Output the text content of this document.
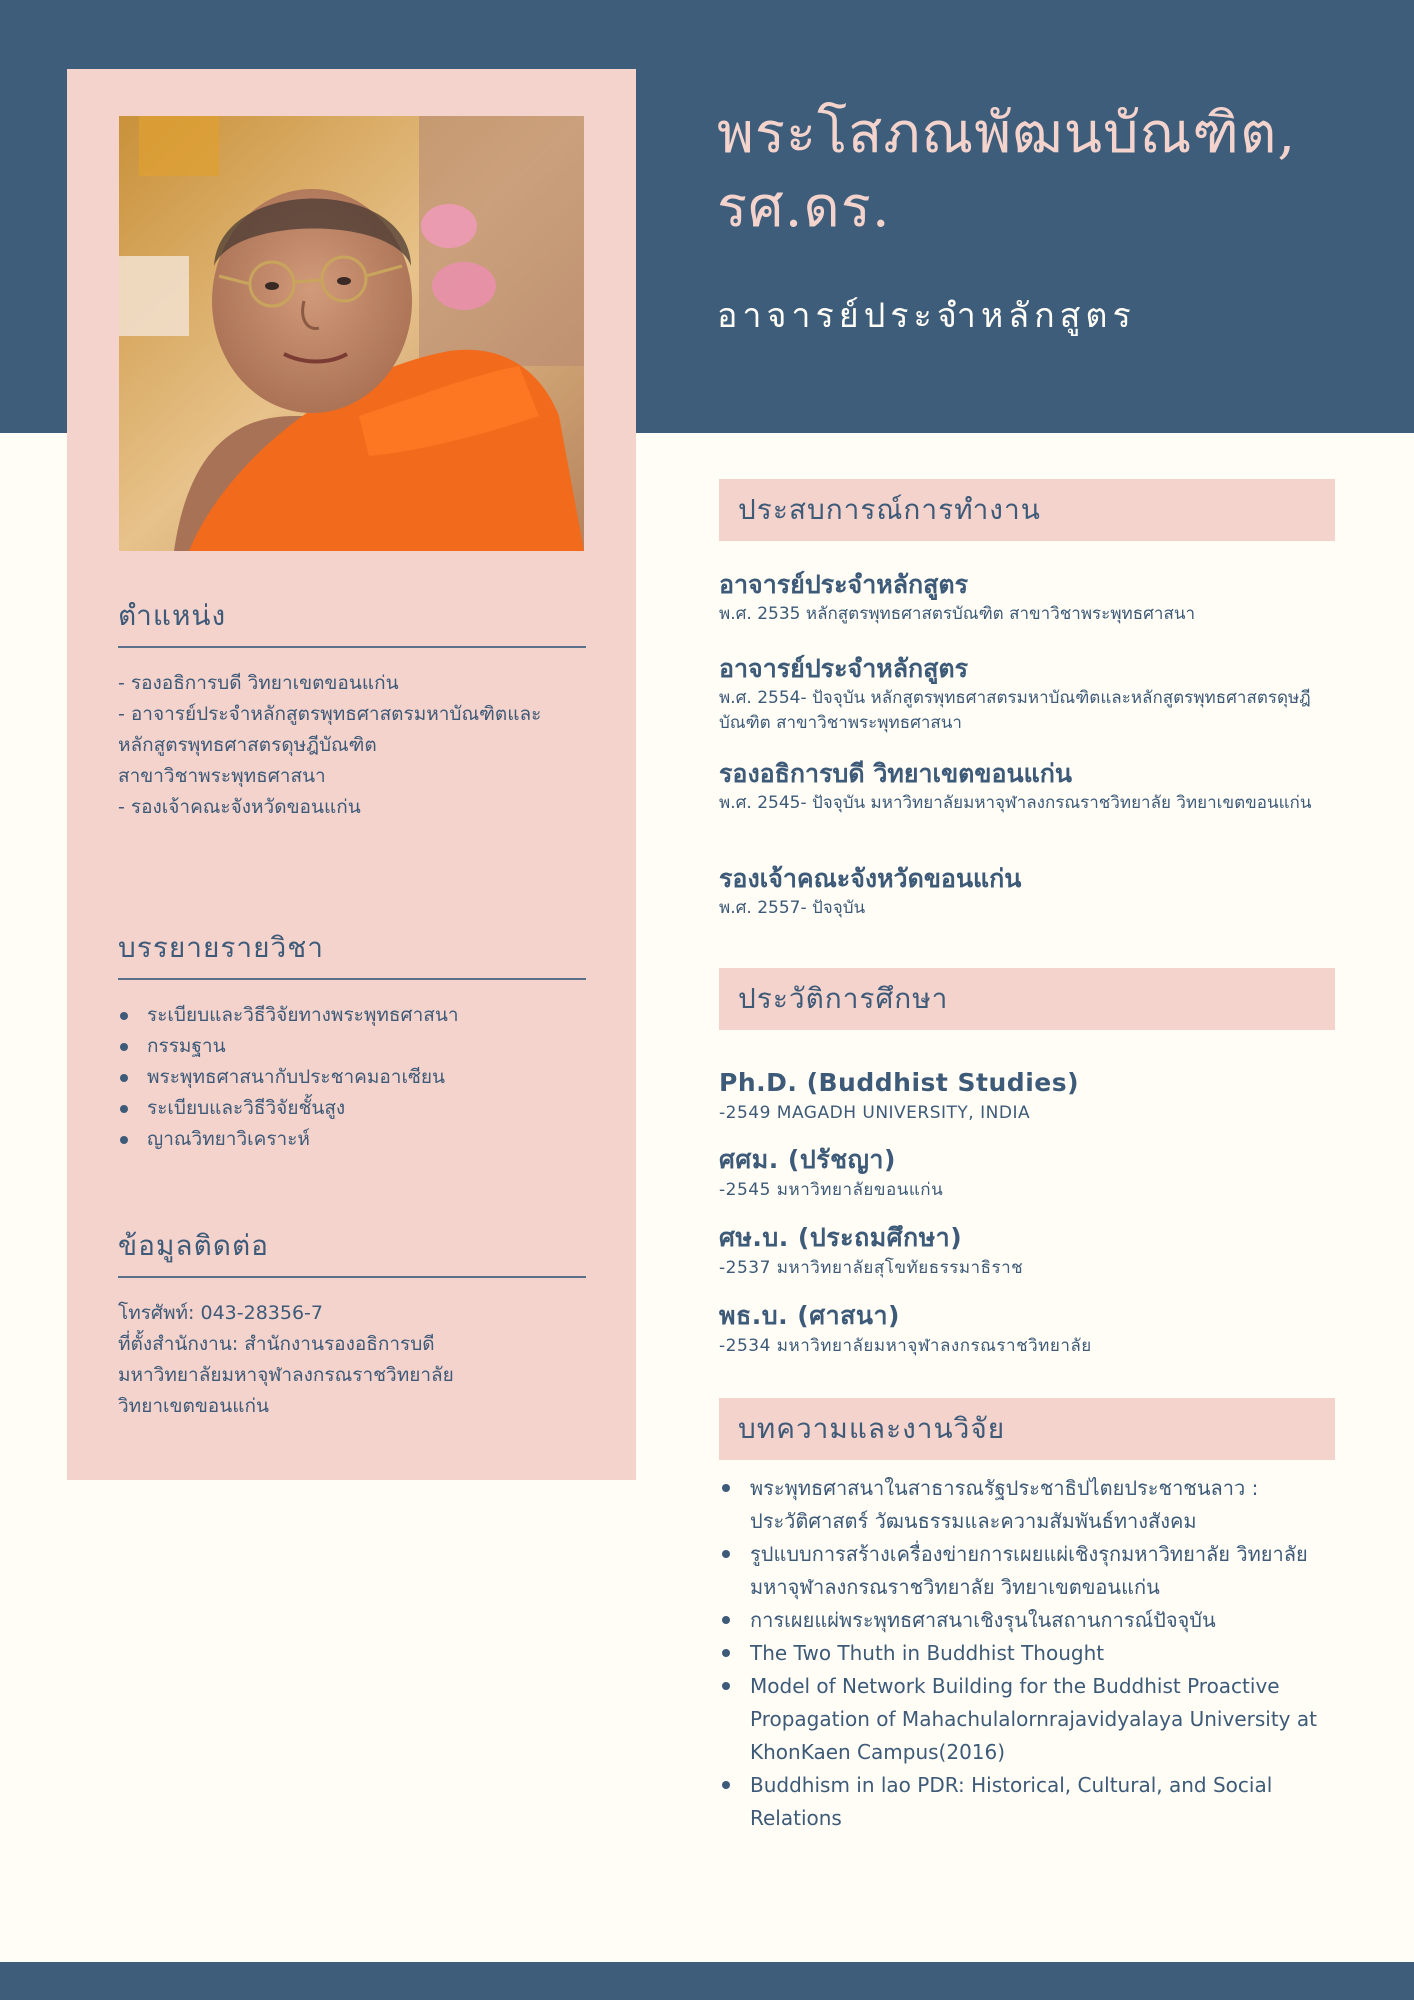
ตำแหน่ง
- รองอธิการบดี วิทยาเขตขอนแก่น
- อาจารย์ประจำหลักสูตรพุทธศาสตรมหาบัณฑิตและ
หลักสูตรพุทธศาสตรดุษฎีบัณฑิต
สาขาวิชาพระพุทธศาสนา
- รองเจ้าคณะจังหวัดขอนแก่น
บรรยายรายวิชา
ระเบียบและวิธีวิจัยทางพระพุทธศาสนา
กรรมฐาน
พระพุทธศาสนากับประชาคมอาเซียน
ระเบียบและวิธีวิจัยชั้นสูง
ญาณวิทยาวิเคราะห์
ข้อมูลติดต่อ
โทรศัพท์: 043-28356-7
ที่ตั้งสำนักงาน: สำนักงานรองอธิการบดี
มหาวิทยาลัยมหาจุฬาลงกรณราชวิทยาลัย
วิทยาเขตขอนแก่น
พระโสภณพัฒนบัณฑิต, รศ.ดร.
อาจารย์ประจำหลักสูตร
ประสบการณ์การทำงาน
อาจารย์ประจำหลักสูตร
พ.ศ. 2535 หลักสูตรพุทธศาสตรบัณฑิต สาขาวิชาพระพุทธศาสนา
อาจารย์ประจำหลักสูตร
พ.ศ. 2554- ปัจจุบัน หลักสูตรพุทธศาสตรมหาบัณฑิตและหลักสูตรพุทธศาสตรดุษฎีบัณฑิต สาขาวิชาพระพุทธศาสนา
รองอธิการบดี วิทยาเขตขอนแก่น
พ.ศ. 2545- ปัจจุบัน มหาวิทยาลัยมหาจุฬาลงกรณราชวิทยาลัย วิทยาเขตขอนแก่น
รองเจ้าคณะจังหวัดขอนแก่น
พ.ศ. 2557- ปัจจุบัน
ประวัติการศึกษา
Ph.D. (Buddhist Studies)
-2549 MAGADH UNIVERSITY, INDIA
ศศม. (ปรัชญา)
-2545 มหาวิทยาลัยขอนแก่น
ศษ.บ. (ประถมศึกษา)
-2537 มหาวิทยาลัยสุโขทัยธรรมาธิราช
พธ.บ. (ศาสนา)
-2534 มหาวิทยาลัยมหาจุฬาลงกรณราชวิทยาลัย
บทความและงานวิจัย
พระพุทธศาสนาในสาธารณรัฐประชาธิปไตยประชาชนลาว : ประวัติศาสตร์ วัฒนธรรมและความสัมพันธ์ทางสังคม
รูปแบบการสร้างเครื่องข่ายการเผยแผ่เชิงรุกมหาวิทยาลัย วิทยาลัย มหาจุฬาลงกรณราชวิทยาลัย วิทยาเขตขอนแก่น
การเผยแผ่พระพุทธศาสนาเชิงรุนในสถานการณ์ปัจจุบัน
The Two Thuth in Buddhist Thought
Model of Network Building for the Buddhist Proactive Propagation of Mahachulalornrajavidyalaya University at KhonKaen Campus(2016)
Buddhism in lao PDR: Historical, Cultural, and Social Relations
